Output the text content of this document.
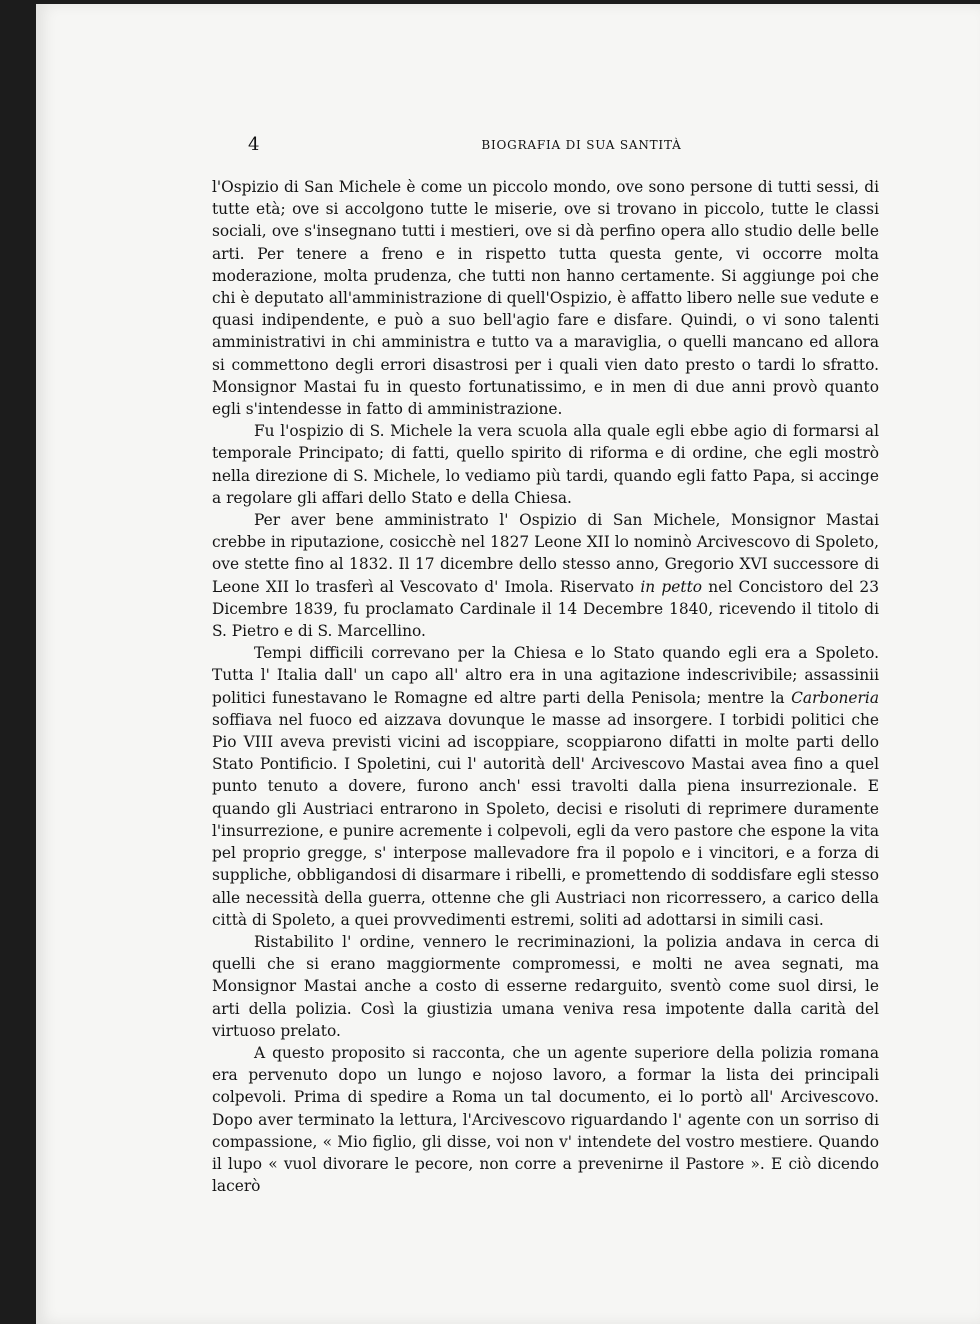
4	BIOGRAFIA DI SUA SANTITÀ

l'Ospizio di San Michele è come un piccolo mondo, ove sono persone di tutti sessi, di tutte età; ove si accolgono tutte le miserie, ove si trovano in piccolo, tutte le classi sociali, ove s'insegnano tutti i mestieri, ove si dà perfino opera allo studio delle belle arti. Per tenere a freno e in rispetto tutta questa gente, vi occorre molta moderazione, molta prudenza, che tutti non hanno certamente. Si aggiunge poi che chi è deputato all'amministrazione di quell'Ospizio, è affatto libero nelle sue vedute e quasi indipendente, e può a suo bell'agio fare e disfare. Quindi, o vi sono talenti amministrativi in chi amministra e tutto va a maraviglia, o quelli mancano ed allora si commettono degli errori disastrosi per i quali vien dato presto o tardi lo sfratto. Monsignor Mastai fu in questo fortunatissimo, e in men di due anni provò quanto egli s'intendesse in fatto di amministrazione.

Fu l'ospizio di S. Michele la vera scuola alla quale egli ebbe agio di formarsi al temporale Principato; di fatti, quello spirito di riforma e di ordine, che egli mostrò nella direzione di S. Michele, lo vediamo più tardi, quando egli fatto Papa, si accinge a regolare gli affari dello Stato e della Chiesa.

Per aver bene amministrato l' Ospizio di San Michele, Monsignor Mastai crebbe in riputazione, cosicchè nel 1827 Leone XII lo nominò Arcivescovo di Spoleto, ove stette fino al 1832. Il 17 dicembre dello stesso anno, Gregorio XVI successore di Leone XII lo trasferì al Vescovato d' Imola. Riservato in petto nel Concistoro del 23 Dicembre 1839, fu proclamato Cardinale il 14 Decembre 1840, ricevendo il titolo di S. Pietro e di S. Marcellino.

Tempi difficili correvano per la Chiesa e lo Stato quando egli era a Spoleto. Tutta l' Italia dall' un capo all' altro era in una agitazione indescrivibile; assassinii politici funestavano le Romagne ed altre parti della Penisola; mentre la Carboneria soffiava nel fuoco ed aizzava dovunque le masse ad insorgere. I torbidi politici che Pio VIII aveva previsti vicini ad iscoppiare, scoppiarono difatti in molte parti dello Stato Pontificio. I Spoletini, cui l' autorità dell' Arcivescovo Mastai avea fino a quel punto tenuto a dovere, furono anch' essi travolti dalla piena insurrezionale. E quando gli Austriaci entrarono in Spoleto, decisi e risoluti di reprimere duramente l'insurrezione, e punire acremente i colpevoli, egli da vero pastore che espone la vita pel proprio gregge, s' interpose mallevadore fra il popolo e i vincitori, e a forza di suppliche, obbligandosi di disarmare i ribelli, e promettendo di soddisfare egli stesso alle necessità della guerra, ottenne che gli Austriaci non ricorressero, a carico della città di Spoleto, a quei provvedimenti estremi, soliti ad adottarsi in simili casi.

Ristabilito l' ordine, vennero le recriminazioni, la polizia andava in cerca di quelli che si erano maggiormente compromessi, e molti ne avea segnati, ma Monsignor Mastai anche a costo di esserne redarguito, sventò come suol dirsi, le arti della polizia. Così la giustizia umana veniva resa impotente dalla carità del virtuoso prelato.

A questo proposito si racconta, che un agente superiore della polizia romana era pervenuto dopo un lungo e nojoso lavoro, a formar la lista dei principali colpevoli. Prima di spedire a Roma un tal documento, ei lo portò all' Arcivescovo. Dopo aver terminato la lettura, l'Arcivescovo riguardando l' agente con un sorriso di compassione, « Mio figlio, gli disse, voi non v' intendete del vostro mestiere. Quando il lupo « vuol divorare le pecore, non corre a prevenirne il Pastore ». E ciò dicendo lacerò
